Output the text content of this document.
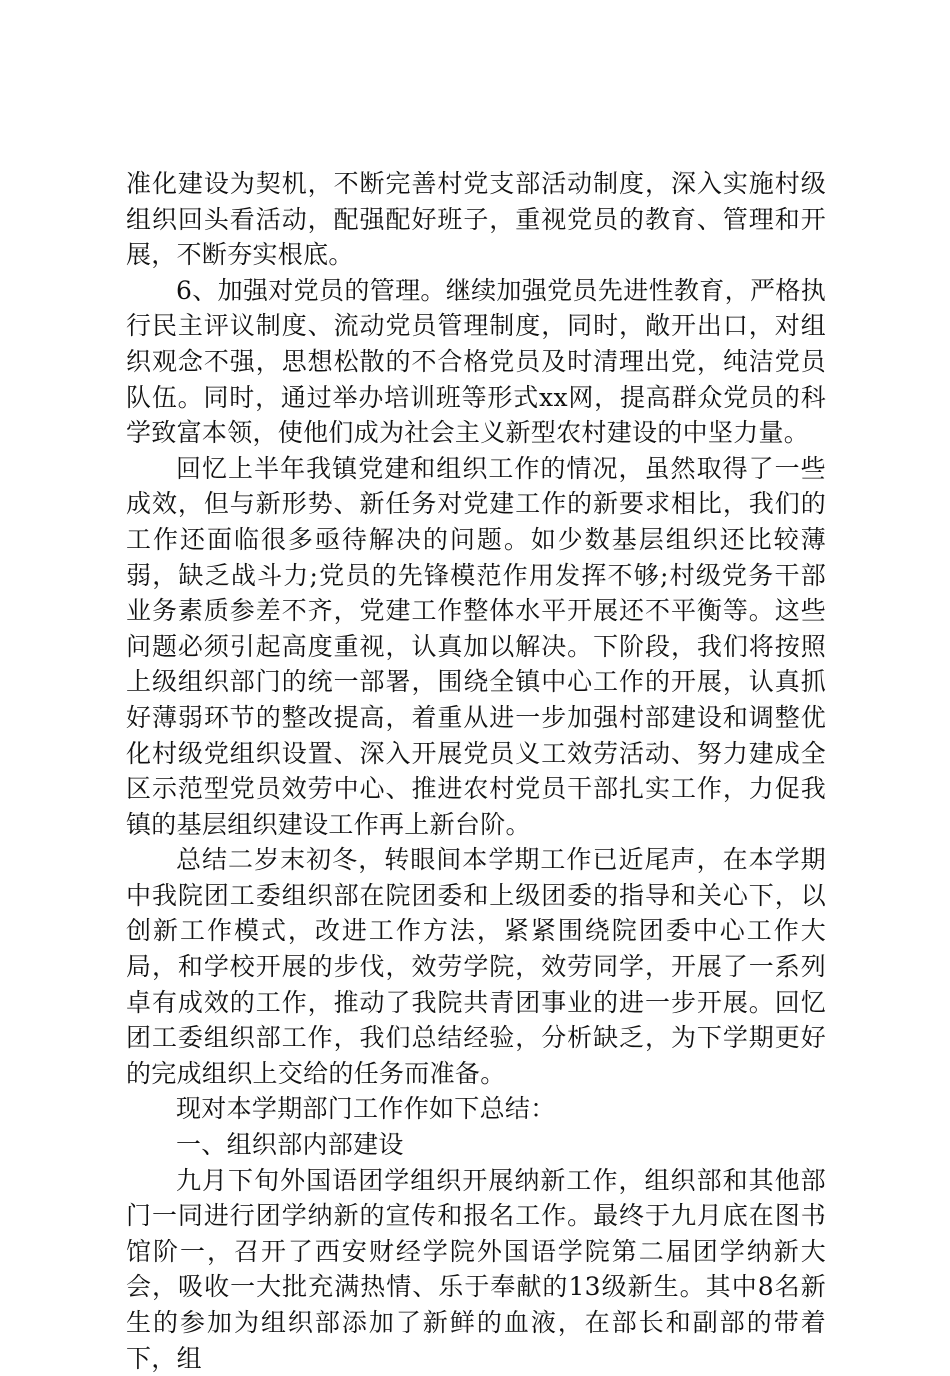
准化建设为契机，不断完善村党支部活动制度，深入实施村级组织回头看活动，配强配好班子，重视党员的教育、管理和开展，不断夯实根底。

6、加强对党员的管理。继续加强党员先进性教育，严格执行民主评议制度、流动党员管理制度，同时，敞开出口，对组织观念不强，思想松散的不合格党员及时清理出党，纯洁党员队伍。同时，通过举办培训班等形式xx网，提高群众党员的科学致富本领，使他们成为社会主义新型农村建设的中坚力量。

回忆上半年我镇党建和组织工作的情况，虽然取得了一些成效，但与新形势、新任务对党建工作的新要求相比，我们的工作还面临很多亟待解决的问题。如少数基层组织还比较薄弱，缺乏战斗力;党员的先锋模范作用发挥不够;村级党务干部业务素质参差不齐，党建工作整体水平开展还不平衡等。这些问题必须引起高度重视，认真加以解决。下阶段，我们将按照上级组织部门的统一部署，围绕全镇中心工作的开展，认真抓好薄弱环节的整改提高，着重从进一步加强村部建设和调整优化村级党组织设置、深入开展党员义工效劳活动、努力建成全区示范型党员效劳中心、推进农村党员干部扎实工作，力促我镇的基层组织建设工作再上新台阶。

总结二岁末初冬，转眼间本学期工作已近尾声，在本学期中我院团工委组织部在院团委和上级团委的指导和关心下，以创新工作模式，改进工作方法，紧紧围绕院团委中心工作大局，和学校开展的步伐，效劳学院，效劳同学，开展了一系列卓有成效的工作，推动了我院共青团事业的进一步开展。回忆团工委组织部工作，我们总结经验，分析缺乏，为下学期更好的完成组织上交给的任务而准备。

现对本学期部门工作作如下总结：

一、组织部内部建设

九月下旬外国语团学组织开展纳新工作，组织部和其他部门一同进行团学纳新的宣传和报名工作。最终于九月底在图书馆阶一，召开了西安财经学院外国语学院第二届团学纳新大会，吸收一大批充满热情、乐于奉献的13级新生。其中8名新生的参加为组织部添加了新鲜的血液，在部长和副部的带着下，组
